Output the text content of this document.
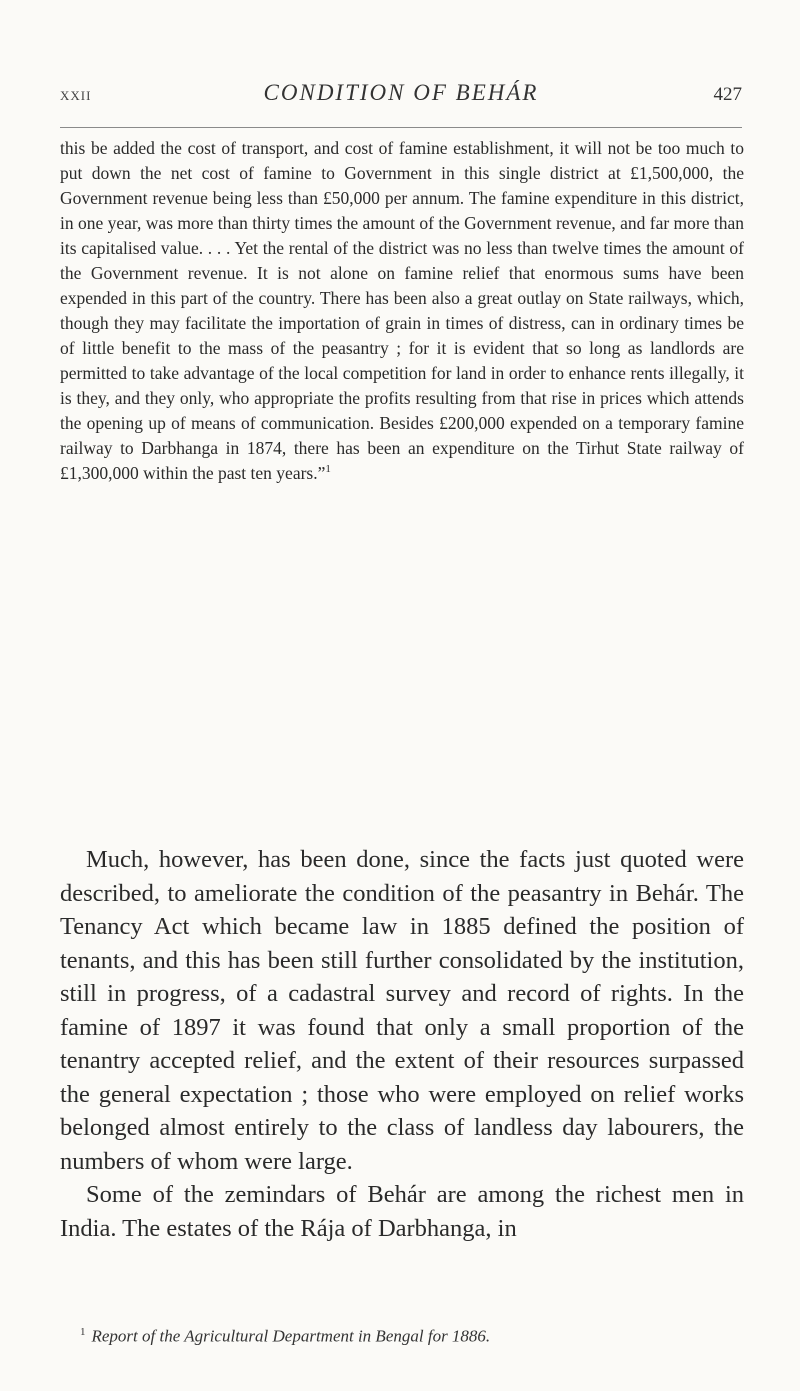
XXII	CONDITION OF BEHÁR	427

this be added the cost of transport, and cost of famine establishment, it will not be too much to put down the net cost of famine to Government in this single district at £1,500,000, the Government revenue being less than £50,000 per annum. The famine expenditure in this district, in one year, was more than thirty times the amount of the Government revenue, and far more than its capitalised value. . . . Yet the rental of the district was no less than twelve times the amount of the Government revenue. It is not alone on famine relief that enormous sums have been expended in this part of the country. There has been also a great outlay on State railways, which, though they may facilitate the importation of grain in times of distress, can in ordinary times be of little benefit to the mass of the peasantry ; for it is evident that so long as landlords are permitted to take advantage of the local competition for land in order to enhance rents illegally, it is they, and they only, who appropriate the profits resulting from that rise in prices which attends the opening up of means of communication. Besides £200,000 expended on a temporary famine railway to Darbhanga in 1874, there has been an expenditure on the Tirhut State railway of £1,300,000 within the past ten years.”$^1$

Much, however, has been done, since the facts just quoted were described, to ameliorate the condition of the peasantry in Behár. The Tenancy Act which became law in 1885 defined the position of tenants, and this has been still further consolidated by the institution, still in progress, of a cadastral survey and record of rights. In the famine of 1897 it was found that only a small proportion of the tenantry accepted relief, and the extent of their resources surpassed the general expectation ; those who were employed on relief works belonged almost entirely to the class of landless day labourers, the numbers of whom were large.
Some of the zemindars of Behár are among the richest men in India. The estates of the Rája of Darbhanga, in
$^1$ Report of the Agricultural Department in Bengal for 1886.
